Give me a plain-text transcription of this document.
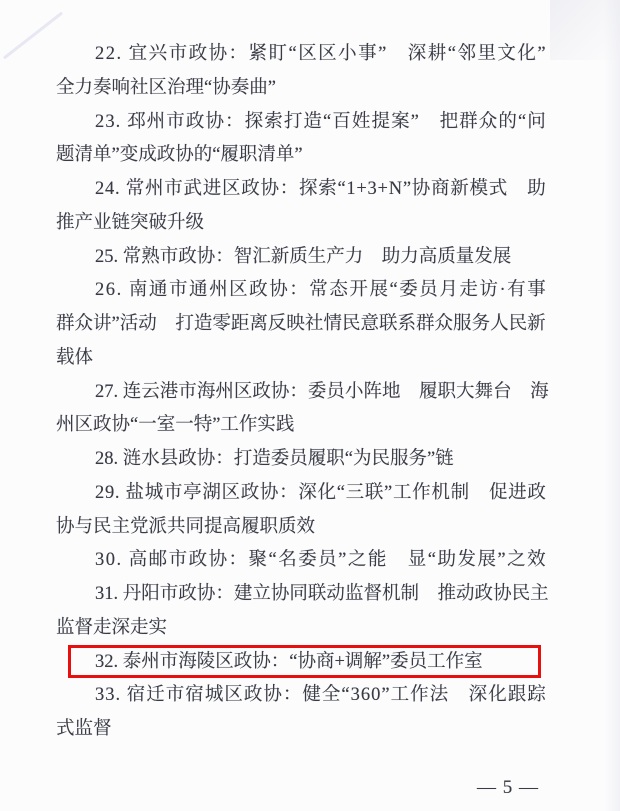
2 2 .
宜 兴 市 政 协 ： 紧 盯 “ 区 区 小 事 ”
　 深 耕 “ 邻 里 文 化 ”
全力奏响社区治理“协奏曲”
2 3 .
邳 州 市 政 协 ： 探 索 打 造 “ 百 姓 提 案 ”
　 把 群 众 的 “ 问
题清单”变成政协的“履职清单”
2 4 .
常 州 市 武 进 区 政 协 ： 探 索 “ 1 + 3 + N ” 协 商 新 模 式
　 助
推产业链突破升级
25. 常熟市政协：智汇新质生产力　助力高质量发展
2 6 .
南 通 市 通 州 区 政 协 ： 常 态 开 展 “ 委 员 月 走 访 · 有 事
群 众 讲 ” 活 动
　 打 造 零 距 离 反 映 社 情 民 意 联 系 群 众 服 务 人 民 新
载体
2 7 .
连 云 港 市 海 州 区 政 协 ： 委 员 小 阵 地
　 履 职 大 舞 台
　 海
州区政协“一室一特”工作实践
28. 涟水县政协：打造委员履职“为民服务”链
2 9 .
盐 城 市 亭 湖 区 政 协 ： 深 化 “ 三 联 ” 工 作 机 制
　 促 进 政
协与民主党派共同提高履职质效
3 0 .
高 邮 市 政 协 ： 聚 “ 名 委 员 ” 之 能
　 显 “ 助 发 展 ” 之 效
3 1 .
丹 阳 市 政 协 ： 建 立 协 同 联 动 监 督 机 制
　 推 动 政 协 民 主
监督走深走实
32. 泰州市海陵区政协：“协商+调解”委员工作室
3 3 .
宿 迁 市 宿 城 区 政 协 ： 健 全 “ 3 6 0 ” 工 作 法
　 深 化 跟 踪
式监督
— 5 —
